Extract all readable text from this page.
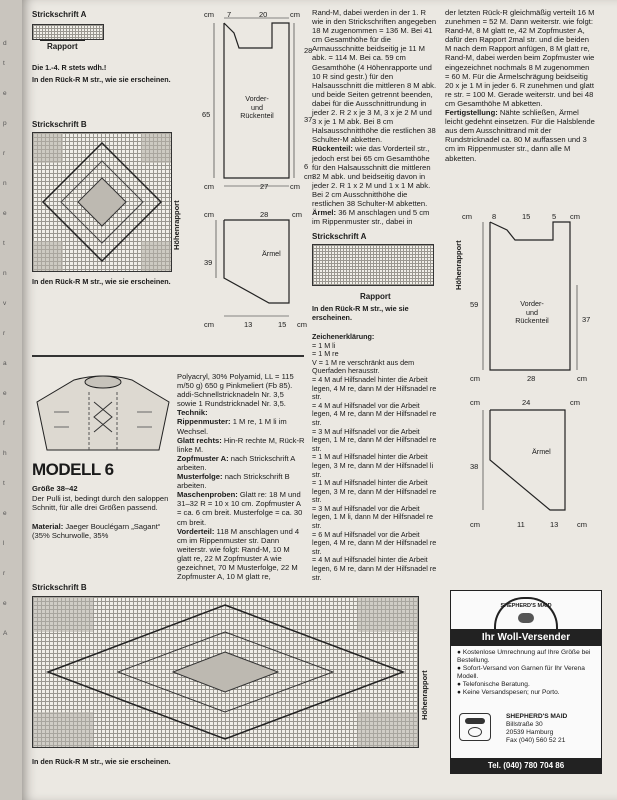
d
t
e
p
r
n
e
t
n
v
r
a
e
f
h
t
e
l
r
e
A
Strickschrift A
Rapport
Die 1.-4. R stets wdh.!
In den Rück-R M str., wie sie erscheinen.
Strickschrift B
Höhenrapport
In den Rück-R M str., wie sie erscheinen.
cm 7	20	cm
28
65
37
6
cm
cm	27	cm
Vorder-
und
Rückenteil
cm	28	cm
39
Ärmel
cm	13	15 cm

Rand-M, dabei werden in der 1. R wie in den Strickschriften angegeben 18 M zugenommen = 136 M. Bei 41 cm Gesamthöhe für die Armausschnitte beidseitig je 11 M abk. = 114 M. Bei ca. 59 cm Gesamthöhe (4 Höhenrapporte und 10 R sind gestr.) für den Halsausschnitt die mittleren 8 M abk. und beide Seiten getrennt beenden, dabei für die Ausschnittrundung in jeder 2. R 2 x je 3 M, 3 x je 2 M und 3 x je 1 M abk. Bei 8 cm Halsausschnitthöhe die restlichen 38 Schulter-M abketten.

Rückenteil: wie das Vorderteil str., jedoch erst bei 65 cm Gesamthöhe für den Halsausschnitt die mittleren 32 M abk. und beidseitig davon in jeder 2. R 1 x 2 M und 1 x 1 M abk. Bei 2 cm Ausschnitthöhe die restlichen 38 Schulter-M abketten.

Ärmel: 36 M anschlagen und 5 cm im Rippenmuster str., dabei in

der letzten Rück-R gleichmäßig verteilt 16 M zunehmen = 52 M. Dann weiterstr. wie folgt: Rand-M, 8 M glatt re, 42 M Zopfmuster A, dafür den Rapport 2mal str. und die beiden M nach dem Rapport anfügen, 8 M glatt re, Rand-M, dabei werden beim Zopfmuster wie eingezeichnet nochmals 8 M zugenommen = 60 M. Für die Ärmelschrägung beidseitig 20 x je 1 M in jeder 6. R zunehmen und glatt re str. = 100 M. Gerade weiterstr. und bei 48 cm Gesamthöhe M abketten.

Fertigstellung: Nähte schließen, Ärmel leicht gedehnt einsetzen. Für die Halsblende aus dem Ausschnittrand mit der Rundstricknadel ca. 80 M auffassen und 3 cm im Rippenmuster str., dann alle M abketten.

Strickschrift A
Rapport
In den Rück-R M str., wie sie erscheinen.
Zeichenerklärung:
= 1 M li
= 1 M re
V = 1 M re verschränkt aus dem Querfaden herausstr.
= 4 M auf Hilfsnadel hinter die Arbeit legen, 4 M re, dann M der Hilfsnadel re str.
= 4 M auf Hilfsnadel vor die Arbeit legen, 4 M re, dann M der Hilfsnadel re str.
= 3 M auf Hilfsnadel vor die Arbeit legen, 1 M re, dann M der Hilfsnadel re str.
= 1 M auf Hilfsnadel hinter die Arbeit legen, 3 M re, dann M der Hilfsnadel li str.
= 1 M auf Hilfsnadel hinter die Arbeit legen, 3 M re, dann M der Hilfsnadel re str.
= 3 M auf Hilfsnadel vor die Arbeit legen, 1 M li, dann M der Hilfsnadel re str.
= 6 M auf Hilfsnadel vor die Arbeit legen, 4 M re, dann M der Hilfsnadel re str.
= 4 M auf Hilfsnadel hinter die Arbeit legen, 6 M re, dann M der Hilfsnadel re str.
cm	8	15	5 cm
Höhenrapport
59
37
Vorder-
und
Rückenteil
cm	28	cm
cm	24	cm
38
Ärmel
cm	11	13 cm
MODELL 6
Größe 38–42
Der Pulli ist, bedingt durch den saloppen Schnitt, für alle drei Größen passend.
Material: Jaeger Bouclégarn „Sagant“ (35% Schurwolle, 35%

Polyacryl, 30% Polyamid, LL = 115 m/50 g) 650 g Pinkmeliert (Fb 85). addi-Schnellstricknadeln Nr. 3,5 sowie 1 Rundstricknadel Nr. 3,5.

Technik:

Rippenmuster: 1 M re, 1 M li im Wechsel.

Glatt rechts: Hin-R rechte M, Rück-R linke M.

Zopfmuster A: nach Strickschrift A arbeiten.

Musterfolge: nach Strickschrift B arbeiten.

Maschenproben: Glatt re: 18 M und 31–32 R = 10 x 10 cm. Zopfmuster A = ca. 6 cm breit. Musterfolge = ca. 30 cm breit.

Vorderteil: 118 M anschlagen und 4 cm im Rippenmuster str. Dann weiterstr. wie folgt: Rand-M, 10 M glatt re, 22 M Zopfmuster A wie gezeichnet, 70 M Musterfolge, 22 M Zopfmuster A, 10 M glatt re,

Strickschrift B
Höhenrapport
In den Rück-R M str., wie sie erscheinen.
SHEPHERD'S MAID
Ihr Woll-Versender
● Kostenlose Umrechnung auf Ihre Größe bei Bestellung.
● Sofort-Versand von Garnen für Ihr Verena Modell.
● Telefonische Beratung.
● Keine Versandspesen; nur Porto.
SHEPHERD'S MAID
Billstraße 30
20539 Hamburg
Fax (040) 560 52 21
Tel. (040) 780 704 86
